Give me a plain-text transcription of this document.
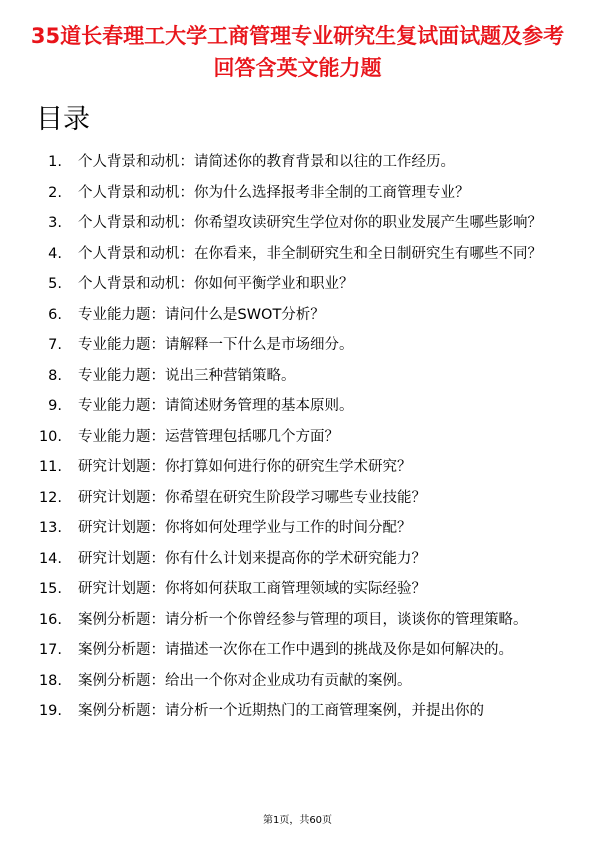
35道长春理工大学工商管理专业研究生复试面试题及参考回答含英文能力题
目录
1. 个人背景和动机：请简述你的教育背景和以往的工作经历。
2. 个人背景和动机：你为什么选择报考非全制的工商管理专业？
3. 个人背景和动机：你希望攻读研究生学位对你的职业发展产生哪些影响？
4. 个人背景和动机：在你看来，非全制研究生和全日制研究生有哪些不同？
5. 个人背景和动机：你如何平衡学业和职业？
6. 专业能力题：请问什么是SWOT分析？
7. 专业能力题：请解释一下什么是市场细分。
8. 专业能力题：说出三种营销策略。
9. 专业能力题：请简述财务管理的基本原则。
10. 专业能力题：运营管理包括哪几个方面？
11. 研究计划题：你打算如何进行你的研究生学术研究？
12. 研究计划题：你希望在研究生阶段学习哪些专业技能？
13. 研究计划题：你将如何处理学业与工作的时间分配？
14. 研究计划题：你有什么计划来提高你的学术研究能力？
15. 研究计划题：你将如何获取工商管理领域的实际经验？
16. 案例分析题：请分析一个你曾经参与管理的项目，谈谈你的管理策略。
17. 案例分析题：请描述一次你在工作中遇到的挑战及你是如何解决的。
18. 案例分析题：给出一个你对企业成功有贡献的案例。
19. 案例分析题：请分析一个近期热门的工商管理案例，并提出你的
第1页，共60页
